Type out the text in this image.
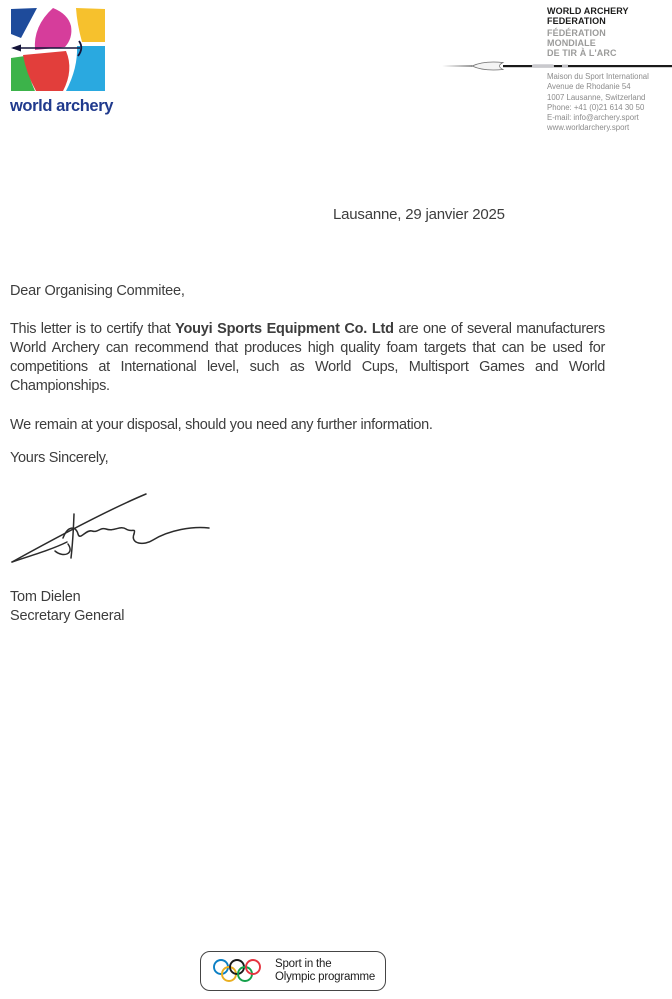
world archery
WORLD ARCHERY
FEDERATION
FÉDÉRATION
MONDIALE
DE TIR À L'ARC
Maison du Sport International
Avenue de Rhodanie 54
1007 Lausanne, Switzerland
Phone: +41 (0)21 614 30 50
E-mail: info@archery.sport
www.worldarchery.sport
Lausanne, 29 janvier 2025
Dear Organising Commitee,

This letter is to certify that Youyi Sports Equipment Co. Ltd are one of several manufacturers World Archery can recommend that produces high quality foam targets that can be used for competitions at International level, such as World Cups, Multisport Games and World Championships.

We remain at your disposal, should you need any further information.

Yours Sincerely,

Tom Dielen
Secretary General
Sport in the
Olympic programme
